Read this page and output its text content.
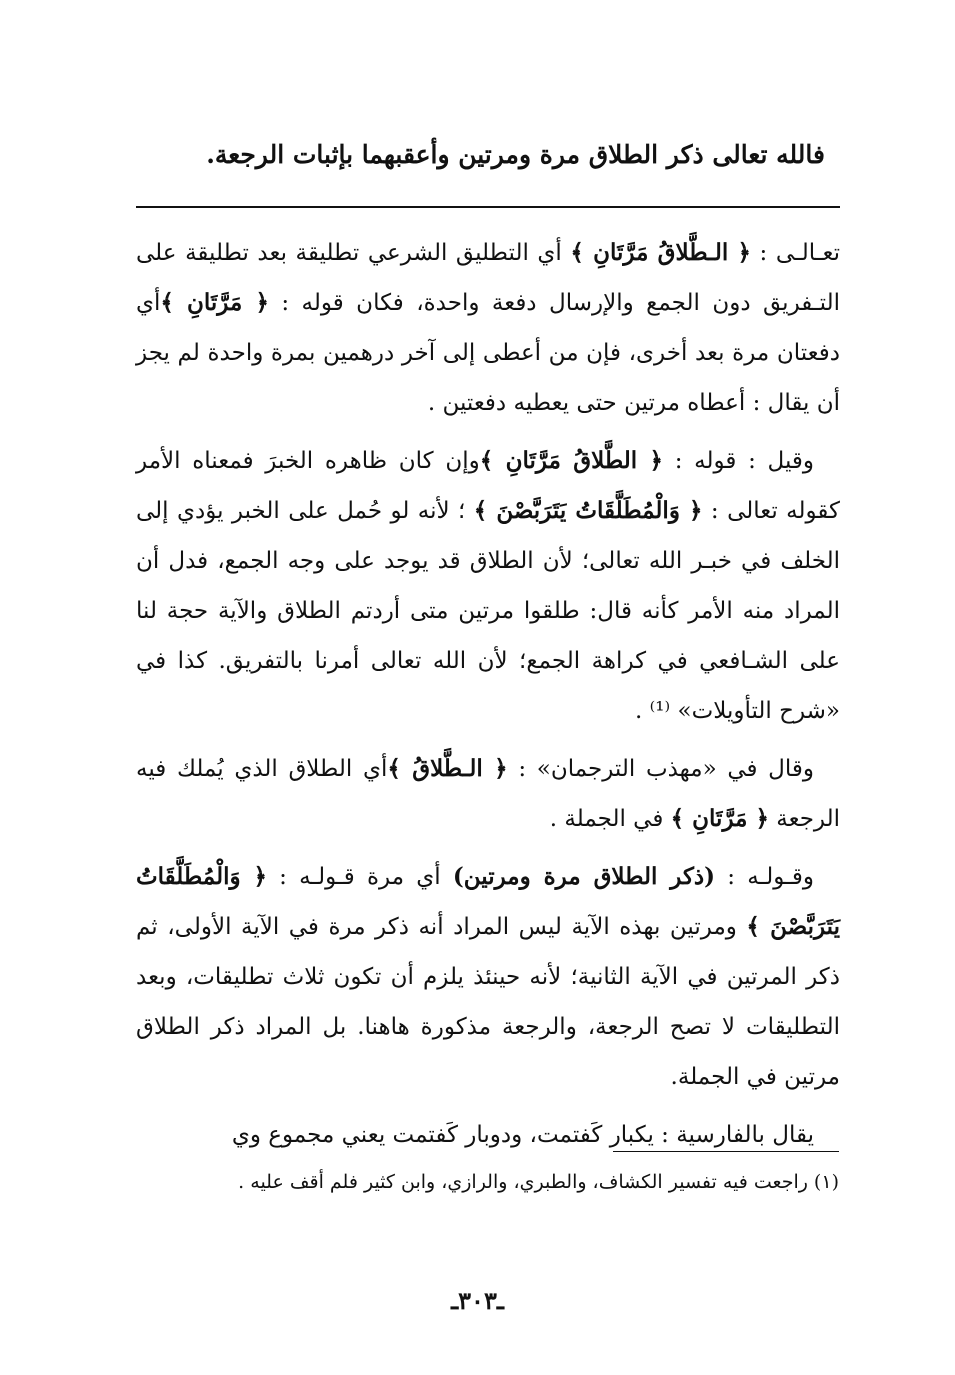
فالله تعالى ذكر الطلاق مرة ومرتين وأعقبهما بإثبات الرجعة.

تعـالـى : ﴿ الـطَّلاقُ مَرَّتَانِ ﴾ أي التطليق الشرعي تطليقة بعد تطليقة على التـفريق دون الجمع والإرسال دفعة واحدة، فكان قوله : ﴿ مَرَّتَانِ ﴾أي دفعتان مرة بعد أخرى، فإن من أعطى إلى آخر درهمين بمرة واحدة لم يجز أن يقال : أعطاه مرتين حتى يعطيه دفعتين .

وقيل : قوله : ﴿ الطَّلاقُ مَرَّتَانِ ﴾وإن كان ظاهره الخبرَ فمعناه الأمر كقوله تعالى : ﴿ وَالْمُطَلَّقَاتُ يَتَرَبَّصْنَ ﴾ ؛ لأنه لو حُمل على الخبر يؤدي إلى الخلف في خبـر الله تعالى؛ لأن الطلاق قد يوجد على وجه الجمع، فدل أن المراد منه الأمر كأنه قال: طلقوا مرتين متى أردتم الطلاق والآية حجة لنا على الشـافعي في كراهة الجمع؛ لأن الله تعالى أمرنا بالتفريق. كذا في «شرح التأويلات» ⁽¹⁾ .

وقال في «مهذب الترجمان» : ﴿ الـطَّلاقُ ﴾أي الطلاق الذي يُملك فيه الرجعة ﴿ مَرَّتَانِ ﴾ في الجملة .

وقـولـه : (ذكر الطلاق مرة ومرتين) أي مرة قـولـه : ﴿ وَالْمُطَلَّقَاتُ يَتَرَبَّصْنَ ﴾ ومرتين بهذه الآية ليس المراد أنه ذكر مرة في الآية الأولى، ثم ذكر المرتين في الآية الثانية؛ لأنه حينئذ يلزم أن تكون ثلاث تطليقات، وبعد التطليقات لا تصح الرجعة، والرجعة مذكورة هاهنا. بل المراد ذكر الطلاق مرتين في الجملة.

يقال بالفارسية : يكبار كَفتمت، ودوبار كَفتمت يعني مجموع وي

(١) راجعت فيه تفسير الكشاف، والطبري، والرازي، وابن كثير فلم أقف عليه .
ـ٣٠٣ـ
